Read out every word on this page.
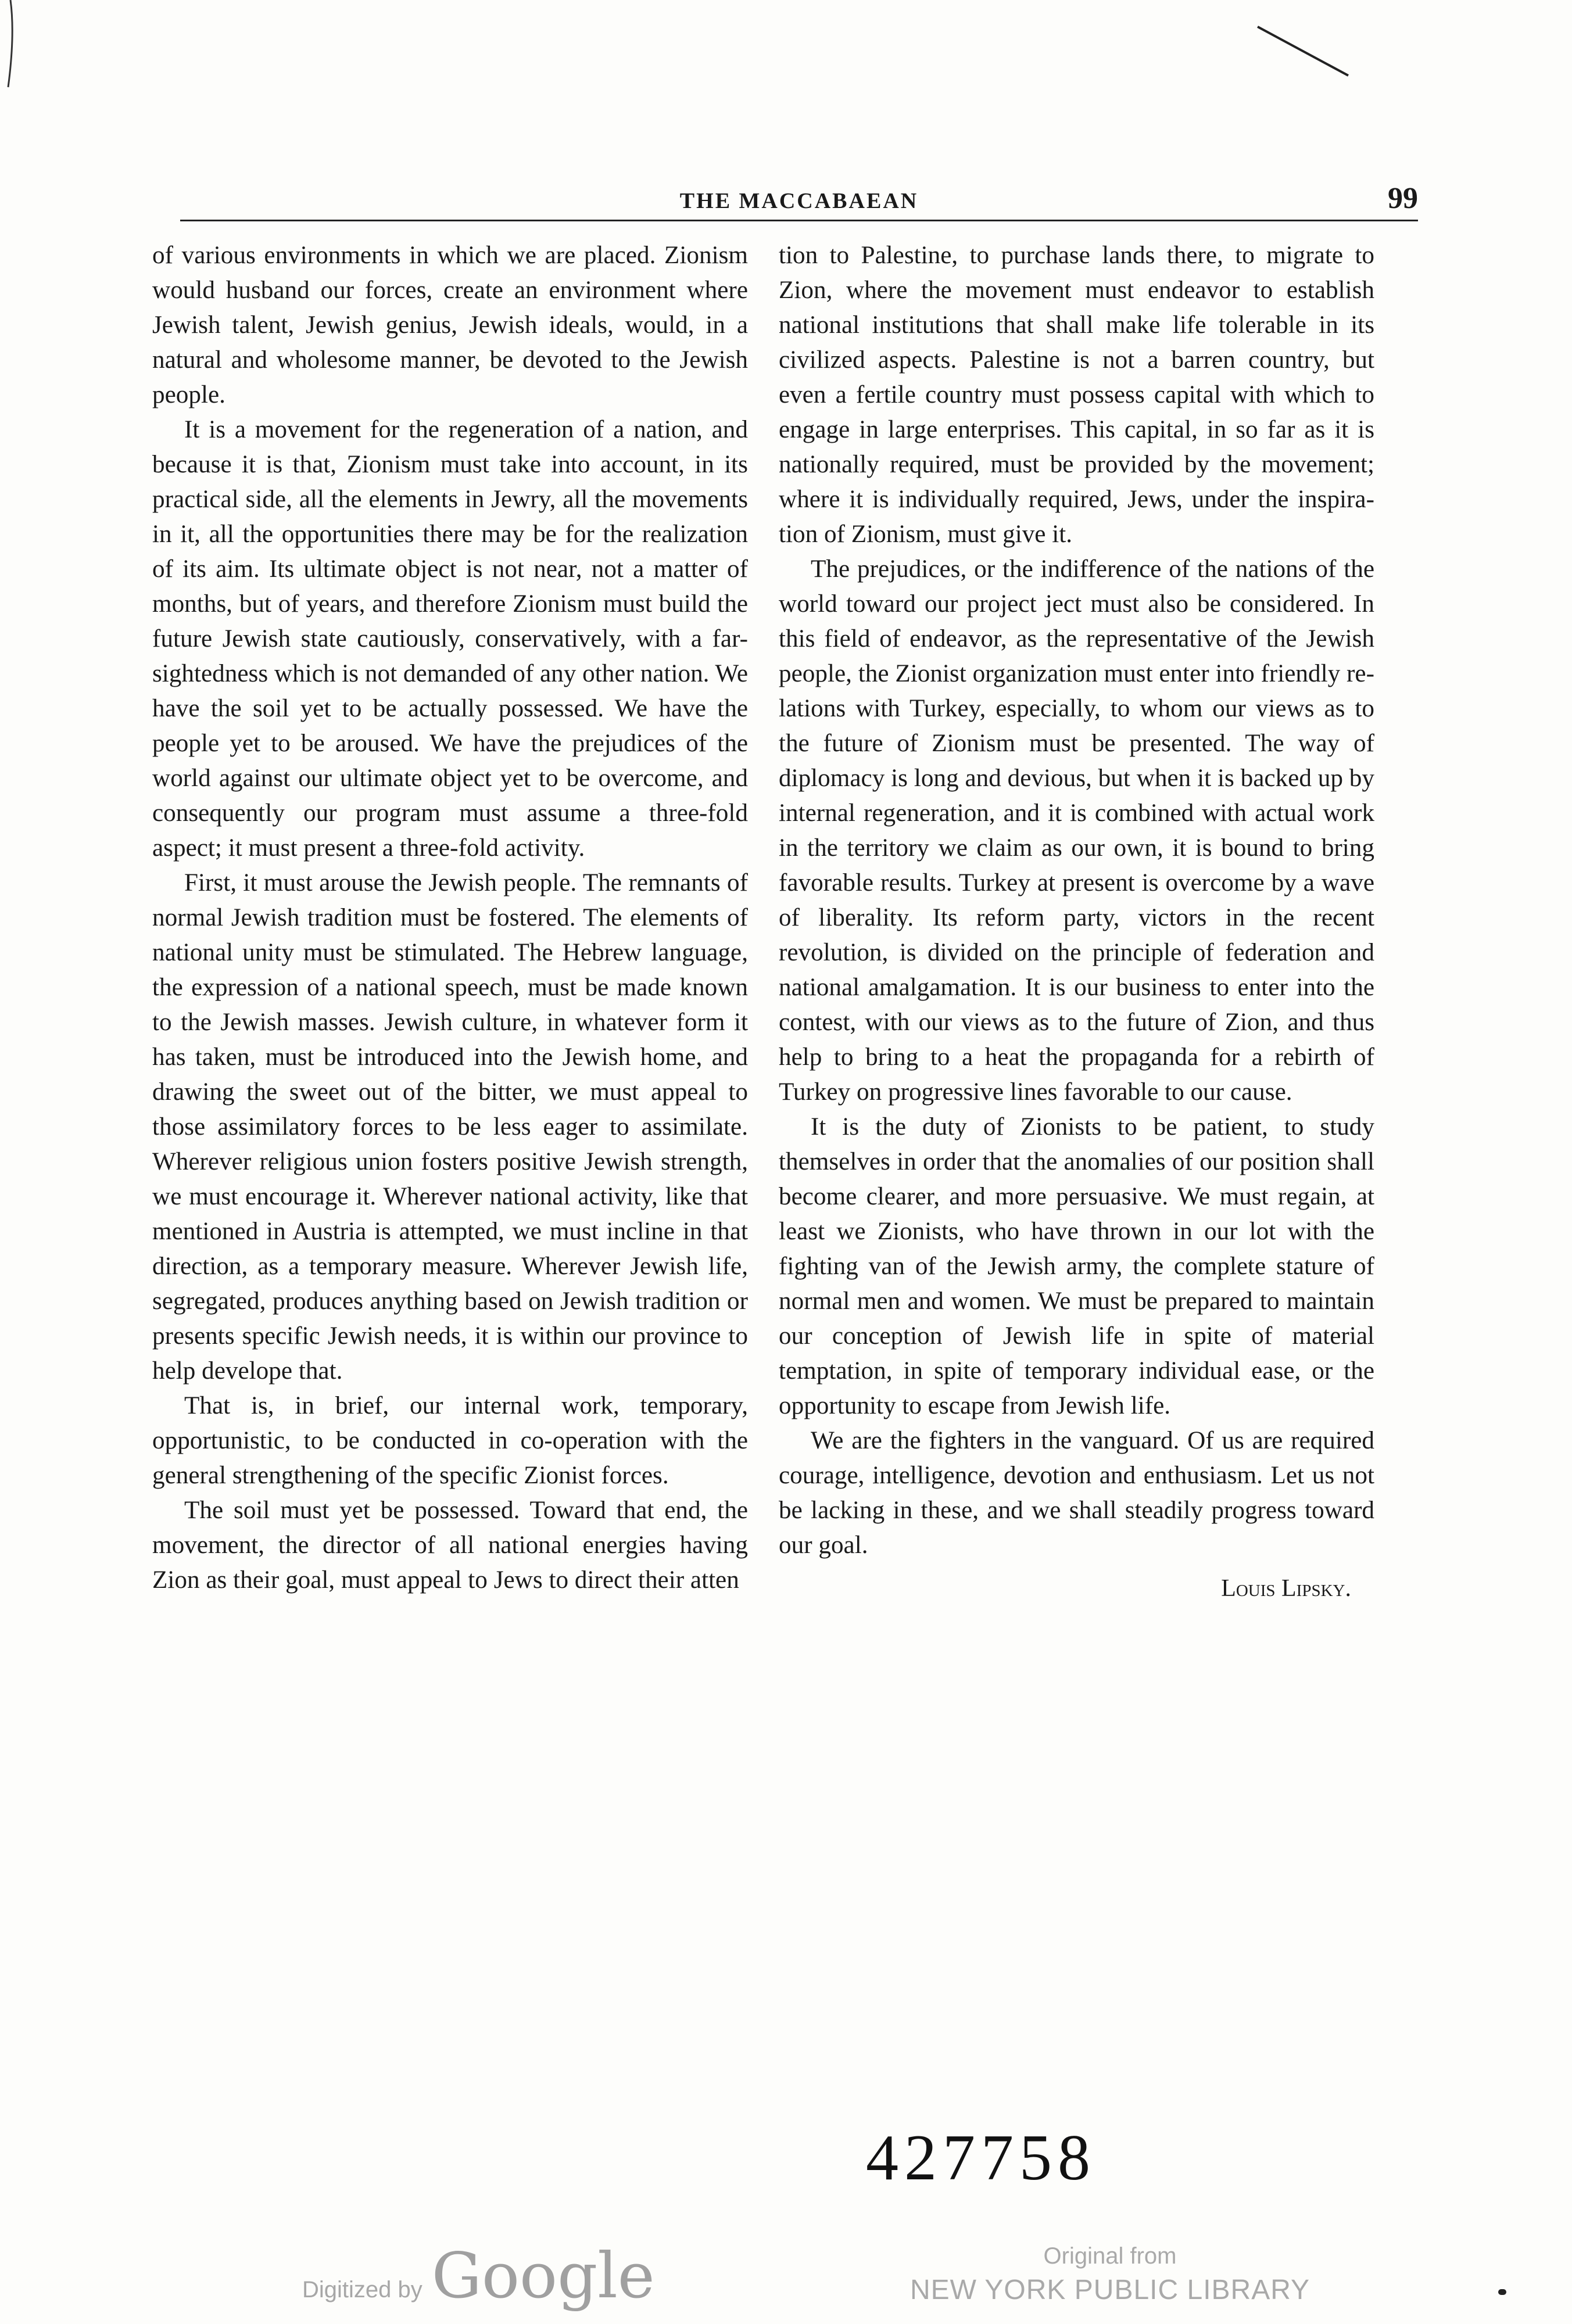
THE MACCABAEAN	99

of various environments in which we are placed. Zionism would husband our forces, create an environment where Jewish talent, Jewish genius, Jewish ideals, would, in a natural and wholesome manner, be devoted to the Jewish people.

It is a movement for the regeneration of a nation, and because it is that, Zionism must take into account, in its practical side, all the elements in Jewry, all the movements in it, all the opportunities there may be for the realization of its aim. Its ultimate object is not near, not a matter of months, but of years, and therefore Zionism must build the future Jewish state cautiously, conservatively, with a far-sightedness which is not demanded of any other nation. We have the soil yet to be actually possessed. We have the people yet to be aroused. We have the prejudices of the world against our ultimate object yet to be overcome, and consequently our program must assume a three-fold aspect; it must present a three-fold activity.

First, it must arouse the Jewish people. The remnants of normal Jewish tradition must be fostered. The elements of national unity must be stimulated. The Hebrew language, the expression of a national speech, must be made known to the Jewish masses. Jewish culture, in whatever form it has taken, must be introduced into the Jewish home, and drawing the sweet out of the bitter, we must appeal to those assimilatory forces to be less eager to assimilate. Wherever religious union fosters positive Jewish strength, we must encourage it. Wherever national activity, like that mentioned in Austria is attempted, we must incline in that direction, as a temporary measure. Wherever Jewish life, segregated, produces anything based on Jewish tradition or presents specific Jewish needs, it is within our province to help develope that.

That is, in brief, our internal work, temporary, opportunistic, to be conducted in co-operation with the general strengthening of the specific Zionist forces.

The soil must yet be possessed. Toward that end, the movement, the director of all national energies having Zion as their goal, must appeal to Jews to direct their atten

tion to Palestine, to purchase lands there, to migrate to Zion, where the movement must endeavor to establish national institutions that shall make life tolerable in its civilized aspects. Palestine is not a barren country, but even a fertile country must possess capital with which to engage in large enterprises. This capital, in so far as it is nationally required, must be provided by the movement; where it is individually required, Jews, under the inspiration of Zionism, must give it.

The prejudices, or the indifference of the nations of the world toward our project ject must also be considered. In this field of endeavor, as the representative of the Jewish people, the Zionist organization must enter into friendly relations with Turkey, especially, to whom our views as to the future of Zionism must be presented. The way of diplomacy is long and devious, but when it is backed up by internal regeneration, and it is combined with actual work in the territory we claim as our own, it is bound to bring favorable results. Turkey at present is overcome by a wave of liberality. Its reform party, victors in the recent revolution, is divided on the principle of federation and national amalgamation. It is our business to enter into the contest, with our views as to the future of Zion, and thus help to bring to a heat the propaganda for a rebirth of Turkey on progressive lines favorable to our cause.

It is the duty of Zionists to be patient, to study themselves in order that the anomalies of our position shall become clearer, and more persuasive. We must regain, at least we Zionists, who have thrown in our lot with the fighting van of the Jewish army, the complete stature of normal men and women. We must be prepared to maintain our conception of Jewish life in spite of material temptation, in spite of temporary individual ease, or the opportunity to escape from Jewish life.

We are the fighters in the vanguard. Of us are required courage, intelligence, devotion and enthusiasm. Let us not be lacking in these, and we shall steadily progress toward our goal.

Louis Lipsky.

427758
Digitized by Google	Original from
NEW YORK PUBLIC LIBRARY
